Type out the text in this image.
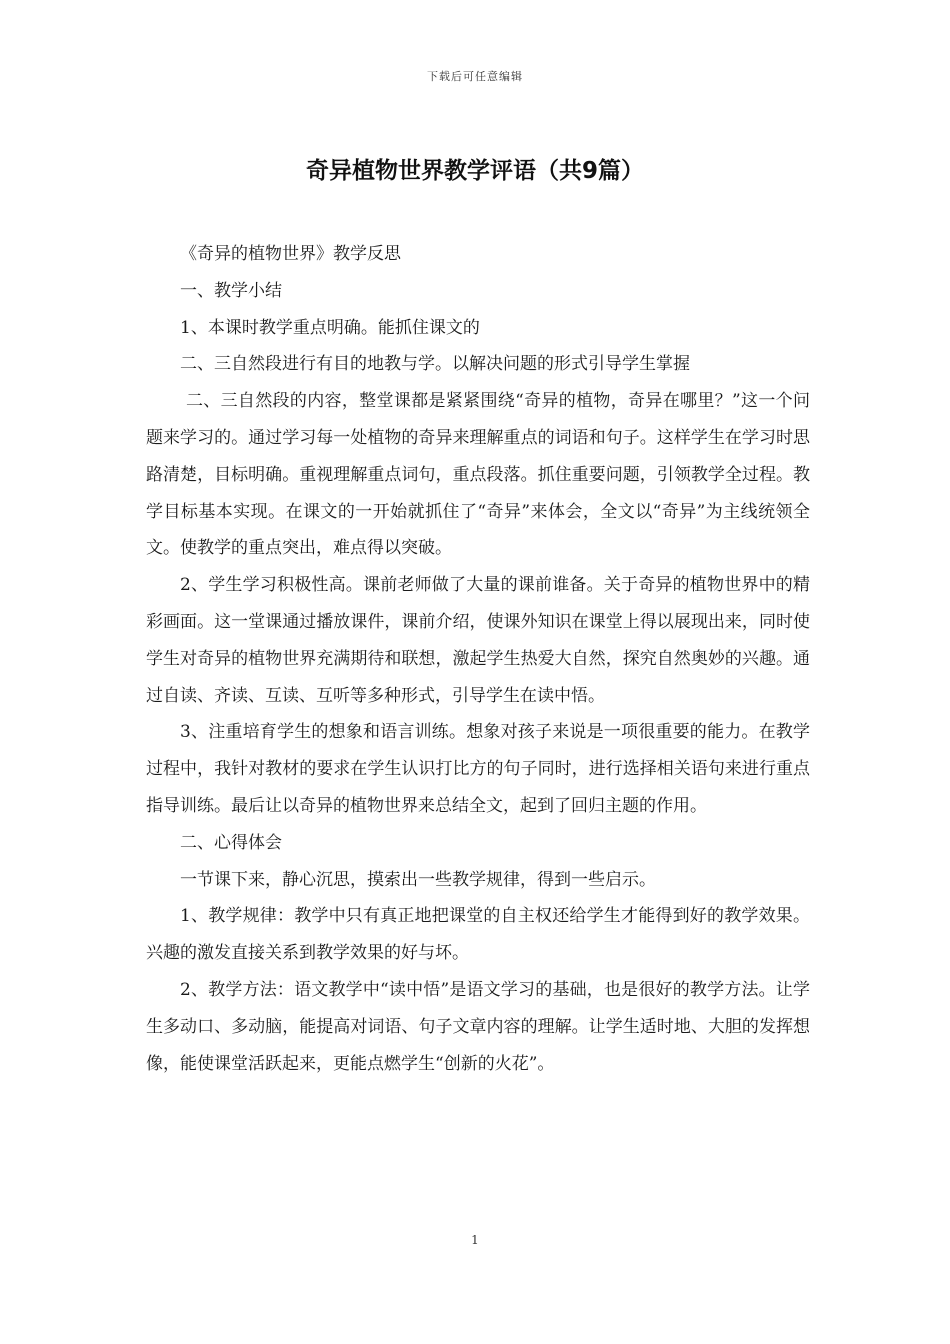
下载后可任意编辑
奇异植物世界教学评语（共9篇）

《奇异的植物世界》教学反思

一、教学小结

1、本课时教学重点明确。能抓住课文的

二、三自然段进行有目的地教与学。以解决问题的形式引导学生掌握

二、三自然段的内容，整堂课都是紧紧围绕“奇异的植物，奇异在哪里？”这一个问题来学习的。通过学习每一处植物的奇异来理解重点的词语和句子。这样学生在学习时思路清楚，目标明确。重视理解重点词句，重点段落。抓住重要问题，引领教学全过程。教学目标基本实现。在课文的一开始就抓住了“奇异”来体会，全文以“奇异”为主线统领全文。使教学的重点突出，难点得以突破。

2、学生学习积极性高。课前老师做了大量的课前谁备。关于奇异的植物世界中的精彩画面。这一堂课通过播放课件，课前介绍，使课外知识在课堂上得以展现出来，同时使学生对奇异的植物世界充满期待和联想，激起学生热爱大自然，探究自然奥妙的兴趣。通过自读、齐读、互读、互听等多种形式，引导学生在读中悟。

3、注重培育学生的想象和语言训练。想象对孩子来说是一项很重要的能力。在教学过程中，我针对教材的要求在学生认识打比方的句子同时，进行选择相关语句来进行重点指导训练。最后让以奇异的植物世界来总结全文，起到了回归主题的作用。

二、心得体会

一节课下来，静心沉思，摸索出一些教学规律，得到一些启示。

1、教学规律：教学中只有真正地把课堂的自主权还给学生才能得到好的教学效果。兴趣的激发直接关系到教学效果的好与坏。

2、教学方法：语文教学中“读中悟”是语文学习的基础，也是很好的教学方法。让学生多动口、多动脑，能提高对词语、句子文章内容的理解。让学生适时地、大胆的发挥想像，能使课堂活跃起来，更能点燃学生“创新的火花”。

1
